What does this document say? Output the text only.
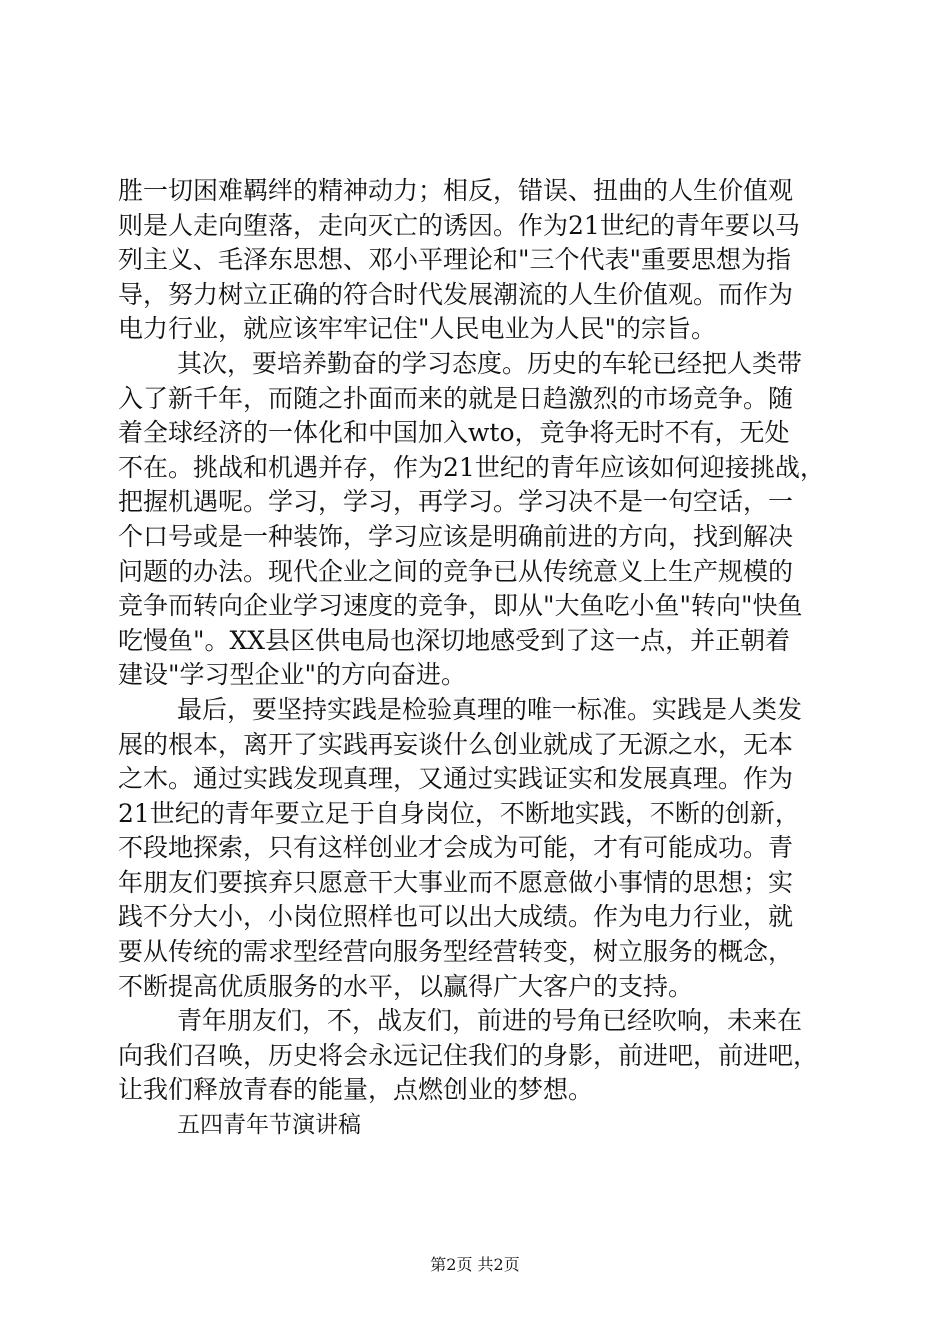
胜一切困难羁绊的精神动力；相反，错误、扭曲的人生价值观
则是人走向堕落，走向灭亡的诱因。作为21世纪的青年要以马
列主义、毛泽东思想、邓小平理论和"三个代表"重要思想为指
导，努力树立正确的符合时代发展潮流的人生价值观。而作为
电力行业，就应该牢牢记住"人民电业为人民"的宗旨。
其次，要培养勤奋的学习态度。历史的车轮已经把人类带
入了新千年，而随之扑面而来的就是日趋激烈的市场竞争。随
着全球经济的一体化和中国加入wto，竞争将无时不有，无处
不在。挑战和机遇并存，作为21世纪的青年应该如何迎接挑战，
把握机遇呢。学习，学习，再学习。学习决不是一句空话，一
个口号或是一种装饰，学习应该是明确前进的方向，找到解决
问题的办法。现代企业之间的竞争已从传统意义上生产规模的
竞争而转向企业学习速度的竞争，即从"大鱼吃小鱼"转向"快鱼
吃慢鱼"。XX县区供电局也深切地感受到了这一点，并正朝着
建设"学习型企业"的方向奋进。
最后，要坚持实践是检验真理的唯一标准。实践是人类发
展的根本，离开了实践再妄谈什么创业就成了无源之水，无本
之木。通过实践发现真理，又通过实践证实和发展真理。作为
21世纪的青年要立足于自身岗位，不断地实践，不断的创新，
不段地探索，只有这样创业才会成为可能，才有可能成功。青
年朋友们要摈弃只愿意干大事业而不愿意做小事情的思想；实
践不分大小，小岗位照样也可以出大成绩。作为电力行业，就
要从传统的需求型经营向服务型经营转变，树立服务的概念，
不断提高优质服务的水平，以赢得广大客户的支持。
青年朋友们，不，战友们，前进的号角已经吹响，未来在
向我们召唤，历史将会永远记住我们的身影，前进吧，前进吧，
让我们释放青春的能量，点燃创业的梦想。
五四青年节演讲稿
第2页 共2页
